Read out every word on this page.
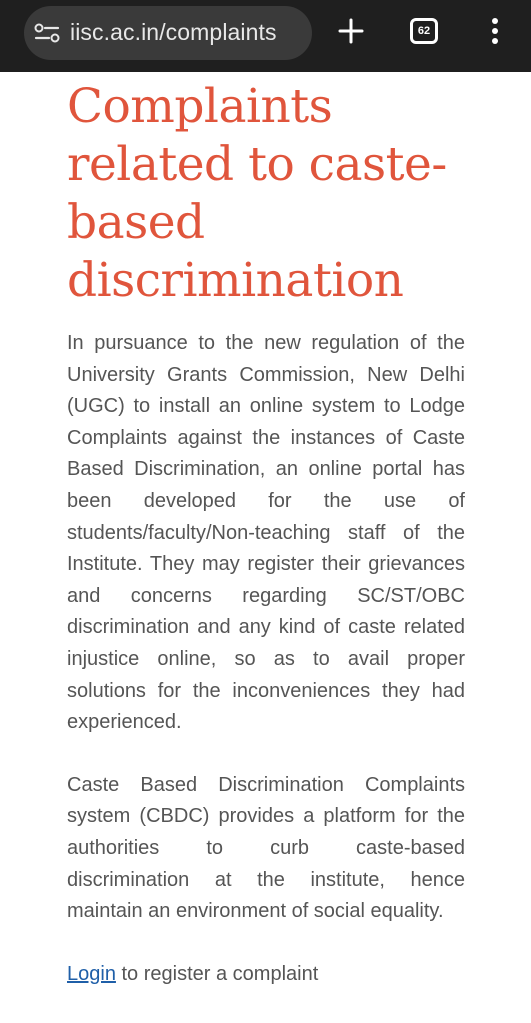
iisc.ac.in/complaints	62
Complaints related to caste-based discrimination

In pursuance to the new regulation of the University Grants Commission, New Delhi (UGC) to install an online system to Lodge Complaints against the instances of Caste Based Discrimination, an online portal has been developed for the use of students/faculty/Non-teaching staff of the Institute. They may register their grievances and concerns regarding SC/ST/OBC discrimination and any kind of caste related injustice online, so as to avail proper solutions for the inconveniences they had experienced.

Caste Based Discrimination Complaints system (CBDC) provides a platform for the authorities to curb caste-based discrimination at the institute, hence maintain an environment of social equality.

Login to register a complaint
